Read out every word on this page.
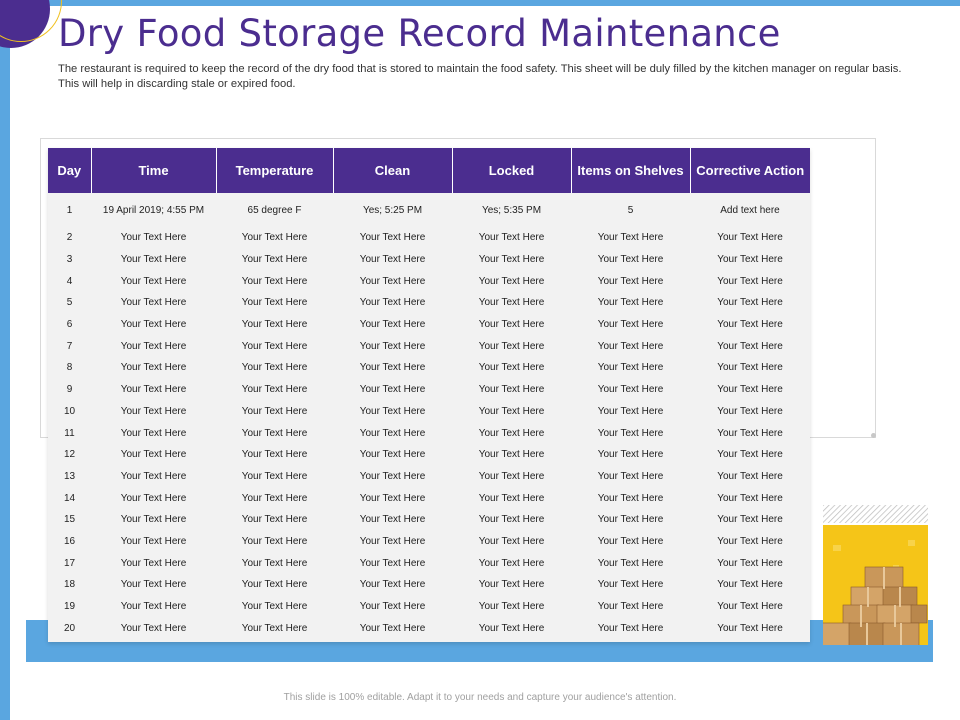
Dry Food Storage Record Maintenance

The restaurant is required to keep the record of the dry food that is stored to maintain the food safety. This sheet will be duly filled by the kitchen manager on regular basis. This will help in discarding stale or expired food.

Day	Time	Temperature	Clean	Locked	Items on Shelves	Corrective Action
1	19 April 2019; 4:55 PM	65 degree F	Yes; 5:25 PM	Yes; 5:35 PM	5	Add text here
2	Your Text Here	Your Text Here	Your Text Here	Your Text Here	Your Text Here	Your Text Here
3	Your Text Here	Your Text Here	Your Text Here	Your Text Here	Your Text Here	Your Text Here
4	Your Text Here	Your Text Here	Your Text Here	Your Text Here	Your Text Here	Your Text Here
5	Your Text Here	Your Text Here	Your Text Here	Your Text Here	Your Text Here	Your Text Here
6	Your Text Here	Your Text Here	Your Text Here	Your Text Here	Your Text Here	Your Text Here
7	Your Text Here	Your Text Here	Your Text Here	Your Text Here	Your Text Here	Your Text Here
8	Your Text Here	Your Text Here	Your Text Here	Your Text Here	Your Text Here	Your Text Here
9	Your Text Here	Your Text Here	Your Text Here	Your Text Here	Your Text Here	Your Text Here
10	Your Text Here	Your Text Here	Your Text Here	Your Text Here	Your Text Here	Your Text Here
11	Your Text Here	Your Text Here	Your Text Here	Your Text Here	Your Text Here	Your Text Here
12	Your Text Here	Your Text Here	Your Text Here	Your Text Here	Your Text Here	Your Text Here
13	Your Text Here	Your Text Here	Your Text Here	Your Text Here	Your Text Here	Your Text Here
14	Your Text Here	Your Text Here	Your Text Here	Your Text Here	Your Text Here	Your Text Here
15	Your Text Here	Your Text Here	Your Text Here	Your Text Here	Your Text Here	Your Text Here
16	Your Text Here	Your Text Here	Your Text Here	Your Text Here	Your Text Here	Your Text Here
17	Your Text Here	Your Text Here	Your Text Here	Your Text Here	Your Text Here	Your Text Here
18	Your Text Here	Your Text Here	Your Text Here	Your Text Here	Your Text Here	Your Text Here
19	Your Text Here	Your Text Here	Your Text Here	Your Text Here	Your Text Here	Your Text Here
20	Your Text Here	Your Text Here	Your Text Here	Your Text Here	Your Text Here	Your Text Here
This slide is 100% editable. Adapt it to your needs and capture your audience's attention.
